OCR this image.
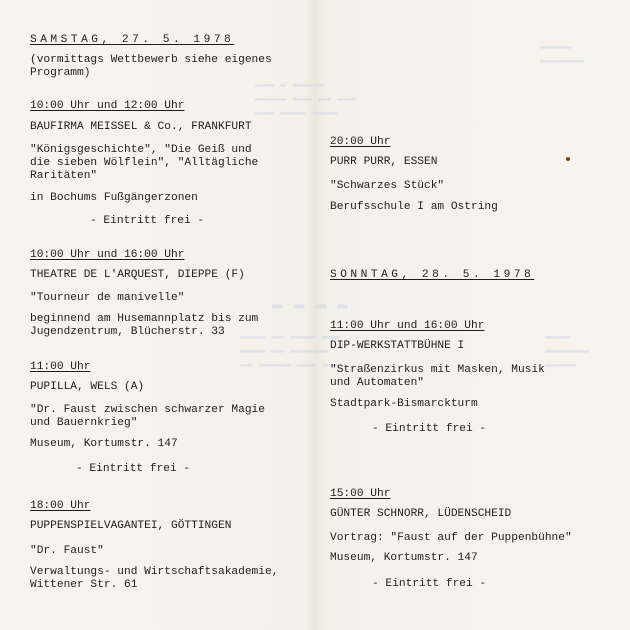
▬▬▬ ▬ ▬▬▬▬▬
▬▬▬▬▬ ▬▬▬ ▬▬ ▬▬▬
▬▬▬ ▬▬▬▬ ▬▬▬▬
▬ ▬ ▬ ▬
▬▬▬▬ ▬▬ ▬▬▬▬ ▬▬▬
▬▬▬▬ ▬▬ ▬▬▬▬▬▬
▬▬ ▬▬▬▬▬ ▬▬▬ ▬▬
▬▬▬▬▬
▬▬▬▬▬▬▬
▬▬▬▬
▬▬▬▬▬▬▬
▬▬▬▬▬
SAMSTAG, 27. 5. 1978
(vormittags Wettbewerb siehe eigenes
Programm)
10:00 Uhr und 12:00 Uhr
BAUFIRMA MEISSEL & Co., FRANKFURT
"Königsgeschichte", "Die Geiß und
die sieben Wölflein", "Alltägliche
Raritäten"
in Bochums Fußgängerzonen
- Eintritt frei -
10:00 Uhr und 16:00 Uhr
THEATRE DE L'ARQUEST, DIEPPE (F)
"Tourneur de manivelle"
beginnend am Husemannplatz bis zum
Jugendzentrum, Blücherstr. 33
11:00 Uhr
PUPILLA, WELS (A)
"Dr. Faust zwischen schwarzer Magie
und Bauernkrieg"
Museum, Kortumstr. 147
- Eintritt frei -
18:00 Uhr
PUPPENSPIELVAGANTEI, GÖTTINGEN
"Dr. Faust"
Verwaltungs- und Wirtschaftsakademie,
Wittener Str. 61
20:00 Uhr
PURR PURR, ESSEN
"Schwarzes Stück"
Berufsschule I am Ostring
SONNTAG, 28. 5. 1978
11:00 Uhr und 16:00 Uhr
DIP-WERKSTATTBÜHNE I
"Straßenzirkus mit Masken, Musik
und Automaten"
Stadtpark-Bismarckturm
- Eintritt frei -
15:00 Uhr
GÜNTER SCHNORR, LÜDENSCHEID
Vortrag: "Faust auf der Puppenbühne"
Museum, Kortumstr. 147
- Eintritt frei -
